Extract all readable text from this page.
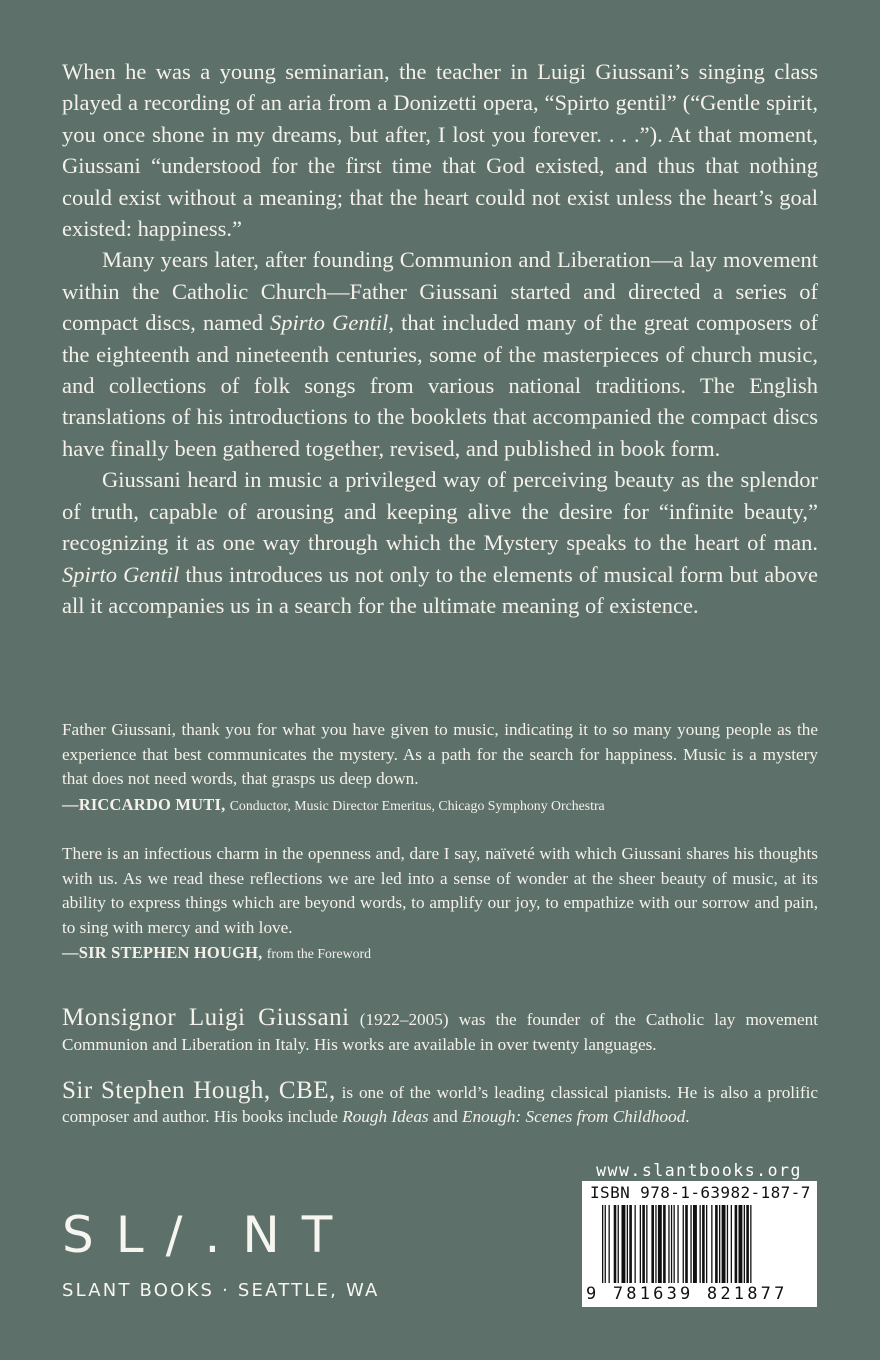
When he was a young seminarian, the teacher in Luigi Giussani’s singing class played a recording of an aria from a Donizetti opera, “Spirto gentil” (“Gentle spirit, you once shone in my dreams, but after, I lost you forever. . . .”). At that moment, Giussani “understood for the first time that God existed, and thus that nothing could exist without a meaning; that the heart could not exist unless the heart’s goal existed: happiness.”

Many years later, after founding Communion and Liberation—a lay movement within the Catholic Church—Father Giussani started and directed a series of compact discs, named Spirto Gentil, that included many of the great composers of the eighteenth and nineteenth centuries, some of the masterpieces of church music, and collections of folk songs from various national traditions. The English translations of his introductions to the booklets that accompanied the compact discs have finally been gathered together, revised, and published in book form.

Giussani heard in music a privileged way of perceiving beauty as the splendor of truth, capable of arousing and keeping alive the desire for “infinite beauty,” recognizing it as one way through which the Mystery speaks to the heart of man. Spirto Gentil thus introduces us not only to the elements of musical form but above all it accompanies us in a search for the ultimate meaning of existence.

Father Giussani, thank you for what you have given to music, indicating it to so many young people as the experience that best communicates the mystery. As a path for the search for happiness. Music is a mystery that does not need words, that grasps us deep down.

—RICCARDO MUTI, Conductor, Music Director Emeritus, Chicago Symphony Orchestra

There is an infectious charm in the openness and, dare I say, naïveté with which Giussani shares his thoughts with us. As we read these reflections we are led into a sense of wonder at the sheer beauty of music, at its ability to express things which are beyond words, to amplify our joy, to empathize with our sorrow and pain, to sing with mercy and with love.

—SIR STEPHEN HOUGH, from the Foreword

Monsignor Luigi Giussani (1922–2005) was the founder of the Catholic lay movement Communion and Liberation in Italy. His works are available in over twenty languages.

Sir Stephen Hough, CBE, is one of the world’s leading classical pianists. He is also a prolific composer and author. His books include Rough Ideas and Enough: Scenes from Childhood.

SL/.NT
SLANT BOOKS · SEATTLE, WA
www.slantbooks.org
ISBN 978-1-63982-187-7
9 781639 821877
